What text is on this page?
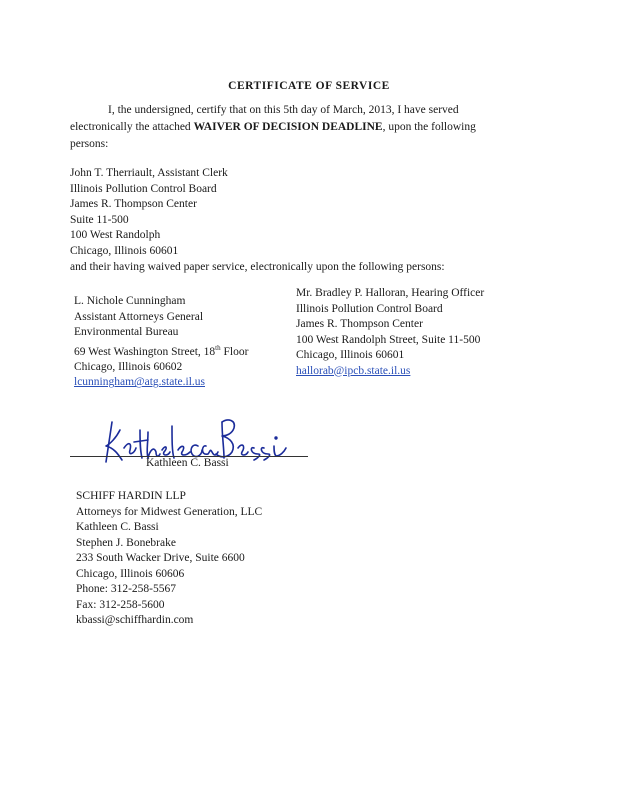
CERTIFICATE OF SERVICE
I, the undersigned, certify that on this 5th day of March, 2013, I have served
electronically the attached WAIVER OF DECISION DEADLINE, upon the following
persons:
John T. Therriault, Assistant Clerk
Illinois Pollution Control Board
James R. Thompson Center
Suite 11-500
100 West Randolph
Chicago, Illinois 60601
and their having waived paper service, electronically upon the following persons:
L. Nichole Cunningham
Assistant Attorneys General
Environmental Bureau
69 West Washington Street, 18th Floor
Chicago, Illinois 60602
lcunningham@atg.state.il.us
Mr. Bradley P. Halloran, Hearing Officer
Illinois Pollution Control Board
James R. Thompson Center
100 West Randolph Street, Suite 11-500
Chicago, Illinois 60601
hallorab@ipcb.state.il.us
Kathleen C. Bassi
SCHIFF HARDIN LLP
Attorneys for Midwest Generation, LLC
Kathleen C. Bassi
Stephen J. Bonebrake
233 South Wacker Drive, Suite 6600
Chicago, Illinois 60606
Phone: 312-258-5567
Fax: 312-258-5600
kbassi@schiffhardin.com
